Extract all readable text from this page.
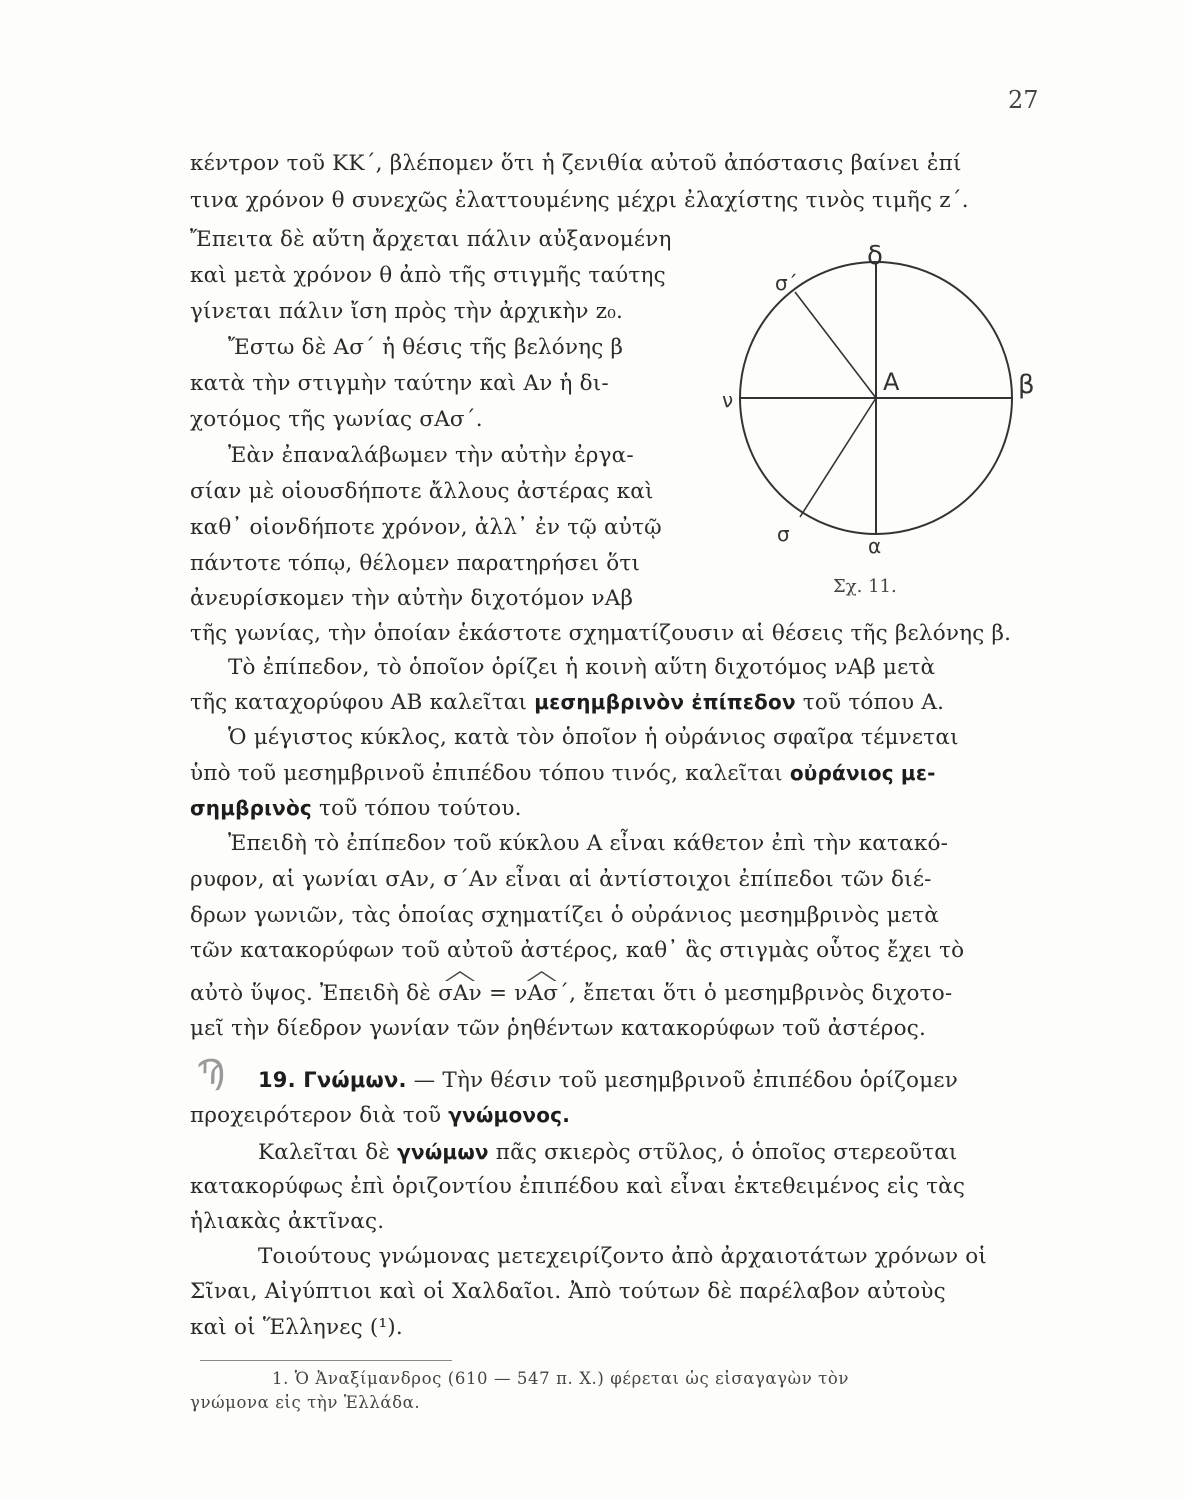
27
κέντρον τοῦ ΚΚ΄, βλέπομεν ὅτι ἡ ζενιθία αὐτοῦ ἀπόστασις βαίνει ἐπί
τινα χρόνον θ συνεχῶς ἐλαττουμένης μέχρι ἐλαχίστης τινὸς τιμῆς z΄.
Ἔπειτα δὲ αὕτη ἄρχεται πάλιν αὐξανομένη
καὶ μετὰ χρόνον θ ἀπὸ τῆς στιγμῆς ταύτης
γίνεται πάλιν ἴση πρὸς τὴν ἀρχικὴν z₀.
Ἔστω δὲ Ασ΄ ἡ θέσις τῆς βελόνης β
κατὰ τὴν στιγμὴν ταύτην καὶ Αν ἡ δι-
χοτόμος τῆς γωνίας σΑσ΄.
Ἐὰν ἐπαναλάβωμεν τὴν αὐτὴν ἐργα-
σίαν μὲ οἱουσδήποτε ἄλλους ἀστέρας καὶ
καθ᾽ οἱονδήποτε χρόνον, ἀλλ᾽ ἐν τῷ αὐτῷ
πάντοτε τόπῳ, θέλομεν παρατηρήσει ὅτι
ἀνευρίσκομεν τὴν αὐτὴν διχοτόμον νΑβ
δ
σ΄
Α
ν	β
σ	α
Σχ. 11.
τῆς γωνίας, τὴν ὁποίαν ἑκάστοτε σχηματίζουσιν αἱ θέσεις τῆς βελόνης β.
Τὸ ἐπίπεδον, τὸ ὁποῖον ὁρίζει ἡ κοινὴ αὕτη διχοτόμος νΑβ μετὰ
τῆς καταχορύφου ΑΒ καλεῖται μεσημβρινὸν ἐπίπεδον τοῦ τόπου Α.
Ὁ μέγιστος κύκλος, κατὰ τὸν ὁποῖον ἡ οὐράνιος σφαῖρα τέμνεται
ὑπὸ τοῦ μεσημβρινοῦ ἐπιπέδου τόπου τινός, καλεῖται οὐράνιος με-
σημβρινὸς τοῦ τόπου τούτου.
Ἐπειδὴ τὸ ἐπίπεδον τοῦ κύκλου Α εἶναι κάθετον ἐπὶ τὴν κατακό-
ρυφον, αἱ γωνίαι σΑν, σ΄Αν εἶναι αἱ ἀντίστοιχοι ἐπίπεδοι τῶν διέ-
δρων γωνιῶν, τὰς ὁποίας σχηματίζει ὁ οὐράνιος μεσημβρινὸς μετὰ
τῶν κατακορύφων τοῦ αὐτοῦ ἀστέρος, καθ᾽ ἃς στιγμὰς οὗτος ἔχει τὸ
αὐτὸ ὕψος. Ἐπειδὴ δὲ σΑν = νΑσ΄, ἔπεται ὅτι ὁ μεσημβρινὸς διχοτο-
μεῖ τὴν δίεδρον γωνίαν τῶν ῥηθέντων κατακορύφων τοῦ ἀστέρος.
Ϡ 19. Γνώμων. — Τὴν θέσιν τοῦ μεσημβρινοῦ ἐπιπέδου ὁρίζομεν
προχειρότερον διὰ τοῦ γνώμονος.
Καλεῖται δὲ γνώμων πᾶς σκιερὸς στῦλος, ὁ ὁποῖος στερεοῦται
κατακορύφως ἐπὶ ὁριζοντίου ἐπιπέδου καὶ εἶναι ἐκτεθειμένος εἰς τὰς
ἡλιακὰς ἀκτῖνας.
Τοιούτους γνώμονας μετεχειρίζοντο ἀπὸ ἀρχαιοτάτων χρόνων οἱ
Σῖναι, Αἰγύπτιοι καὶ οἱ Χαλδαῖοι. Ἀπὸ τούτων δὲ παρέλαβον αὐτοὺς
καὶ οἱ Ἕλληνες (¹).
1. Ὁ Ἀναξίμανδρος (610 — 547 π. Χ.) φέρεται ὡς εἰσαγαγὼν τὸν
γνώμονα εἰς τὴν Ἑλλάδα.
